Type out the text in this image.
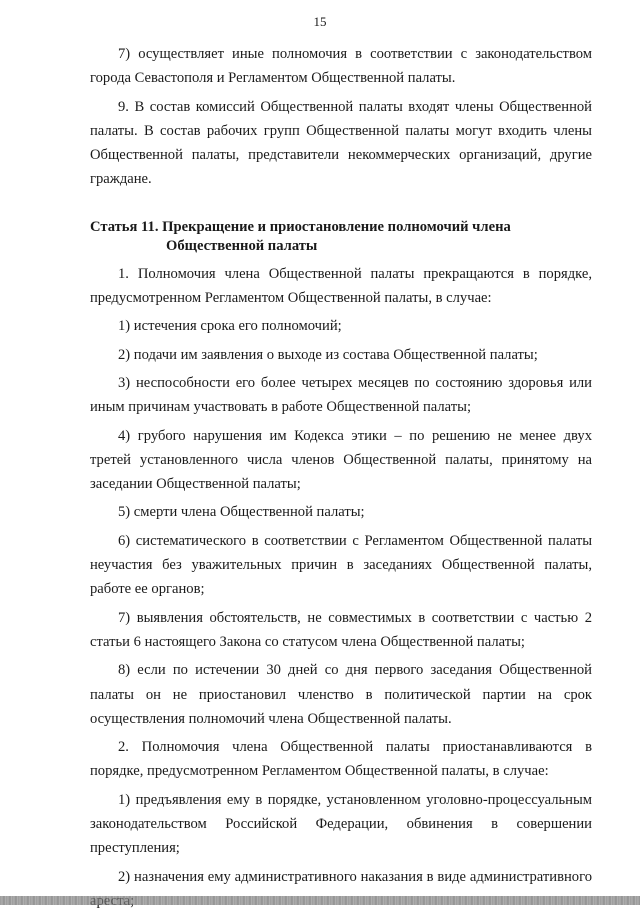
15

7) осуществляет иные полномочия в соответствии с законодательством города Севастополя и Регламентом Общественной палаты.

9. В состав комиссий Общественной палаты входят члены Общественной палаты. В состав рабочих групп Общественной палаты могут входить члены Общественной палаты, представители некоммерческих организаций, другие граждане.

Статья 11. Прекращение и приостановление полномочий члена
Общественной палаты

1. Полномочия члена Общественной палаты прекращаются в порядке, предусмотренном Регламентом Общественной палаты, в случае:

1) истечения срока его полномочий;

2) подачи им заявления о выходе из состава Общественной палаты;

3) неспособности его более четырех месяцев по состоянию здоровья или иным причинам участвовать в работе Общественной палаты;

4) грубого нарушения им Кодекса этики – по решению не менее двух третей установленного числа членов Общественной палаты, принятому на заседании Общественной палаты;

5) смерти члена Общественной палаты;

6) систематического в соответствии с Регламентом Общественной палаты неучастия без уважительных причин в заседаниях Общественной палаты, работе ее органов;

7) выявления обстоятельств, не совместимых в соответствии с частью 2 статьи 6 настоящего Закона со статусом члена Общественной палаты;

8) если по истечении 30 дней со дня первого заседания Общественной палаты он не приостановил членство в политической партии на срок осуществления полномочий члена Общественной палаты.

2. Полномочия члена Общественной палаты приостанавливаются в порядке, предусмотренном Регламентом Общественной палаты, в случае:

1) предъявления ему в порядке, установленном уголовно-процессуальным законодательством Российской Федерации, обвинения в совершении преступления;

2) назначения ему административного наказания в виде административного
